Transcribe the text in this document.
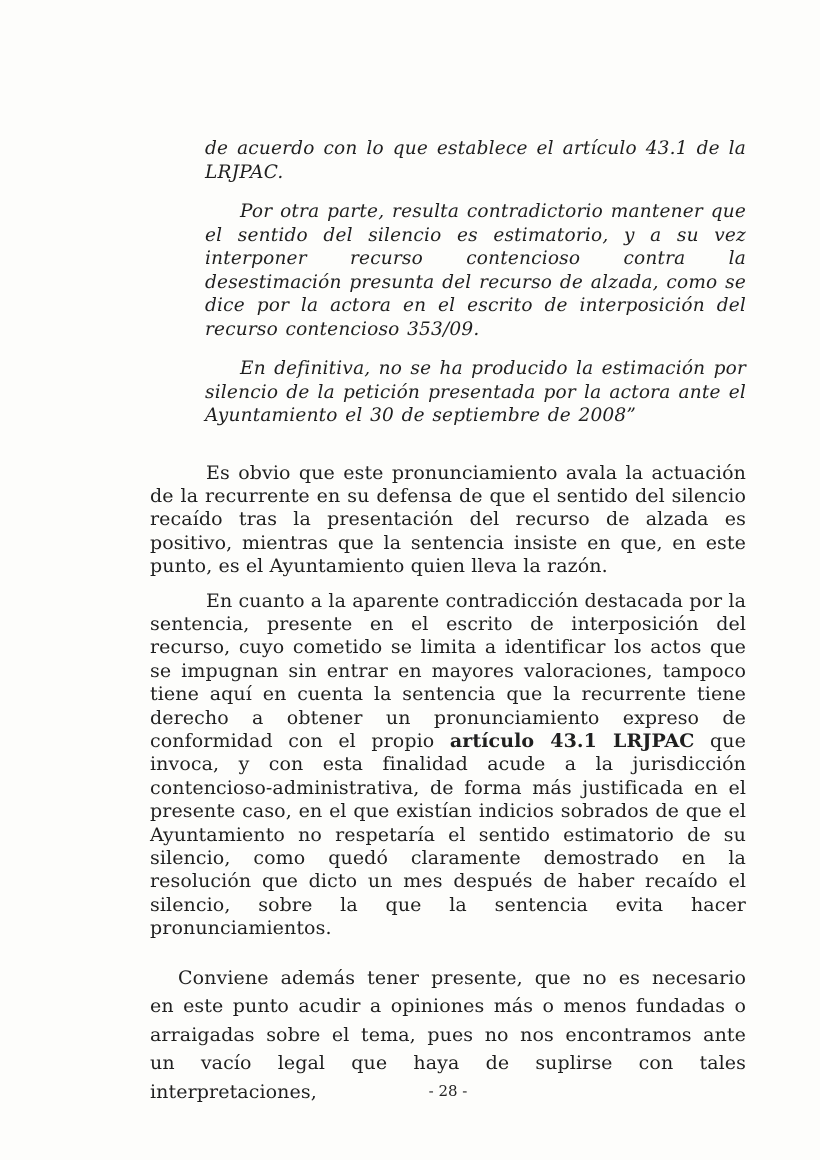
de acuerdo con lo que establece el artículo 43.1 de la LRJPAC.

Por otra parte, resulta contradictorio mantener que el sentido del silencio es estimatorio, y a su vez interponer recurso contencioso contra la desestimación presunta del recurso de alzada, como se dice por la actora en el escrito de interposición del recurso contencioso 353/09.

En definitiva, no se ha producido la estimación por silencio de la petición presentada por la actora ante el Ayuntamiento el 30 de septiembre de 2008”

Es obvio que este pronunciamiento avala la actuación de la recurrente en su defensa de que el sentido del silencio recaído tras la presentación del recurso de alzada es positivo, mientras que la sentencia insiste en que, en este punto, es el Ayuntamiento quien lleva la razón.

En cuanto a la aparente contradicción destacada por la sentencia, presente en el escrito de interposición del recurso, cuyo cometido se limita a identificar los actos que se impugnan sin entrar en mayores valoraciones, tampoco tiene aquí en cuenta la sentencia que la recurrente tiene derecho a obtener un pronunciamiento expreso de conformidad con el propio artículo 43.1 LRJPAC que invoca, y con esta finalidad acude a la jurisdicción contencioso-administrativa, de forma más justificada en el presente caso, en el que existían indicios sobrados de que el Ayuntamiento no respetaría el sentido estimatorio de su silencio, como quedó claramente demostrado en la resolución que dicto un mes después de haber recaído el silencio, sobre la que la sentencia evita hacer pronunciamientos.

Conviene además tener presente, que no es necesario en este punto acudir a opiniones más o menos fundadas o arraigadas sobre el tema, pues no nos encontramos ante un vacío legal que haya de suplirse con tales interpretaciones,	- 28 -
